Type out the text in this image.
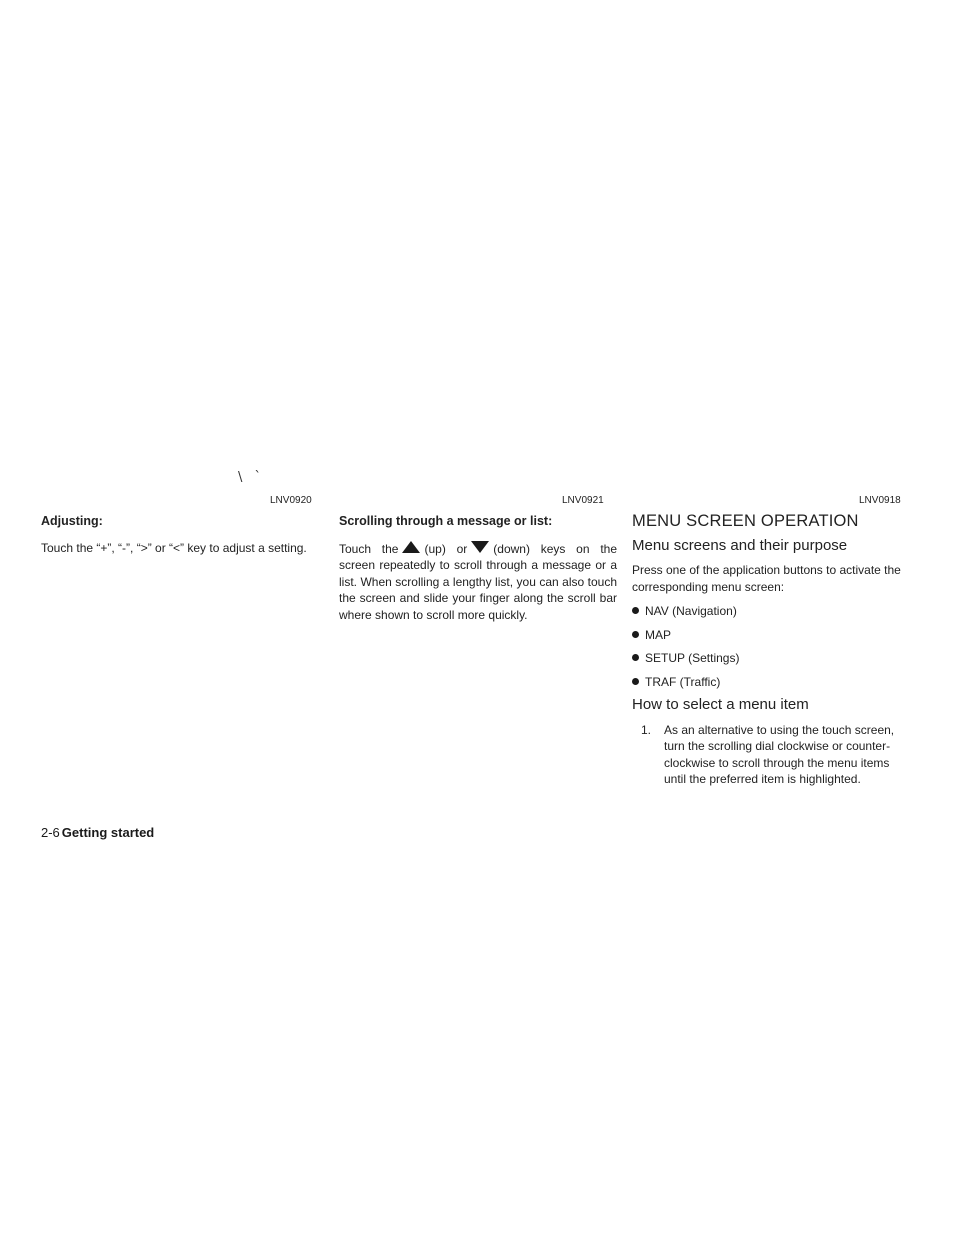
\ `
LNV0920	LNV0921	LNV0918
Adjusting:

Touch the “+”, “-”, “>” or “<” key to adjust a setting.

Scrolling through a message or list:

Touch the (up) or (down) keys on the screen repeatedly to scroll through a message or a list. When scrolling a lengthy list, you can also touch the screen and slide your finger along the scroll bar where shown to scroll more quickly.

MENU SCREEN OPERATION
Menu screens and their purpose

Press one of the application buttons to activate the corresponding menu screen:

NAV (Navigation)
MAP
SETUP (Settings)
TRAF (Traffic)
How to select a menu item
1. As an alternative to using the touch screen, turn the scrolling dial clockwise or counter-clockwise to scroll through the menu items until the preferred item is highlighted.
2-6 Getting started
